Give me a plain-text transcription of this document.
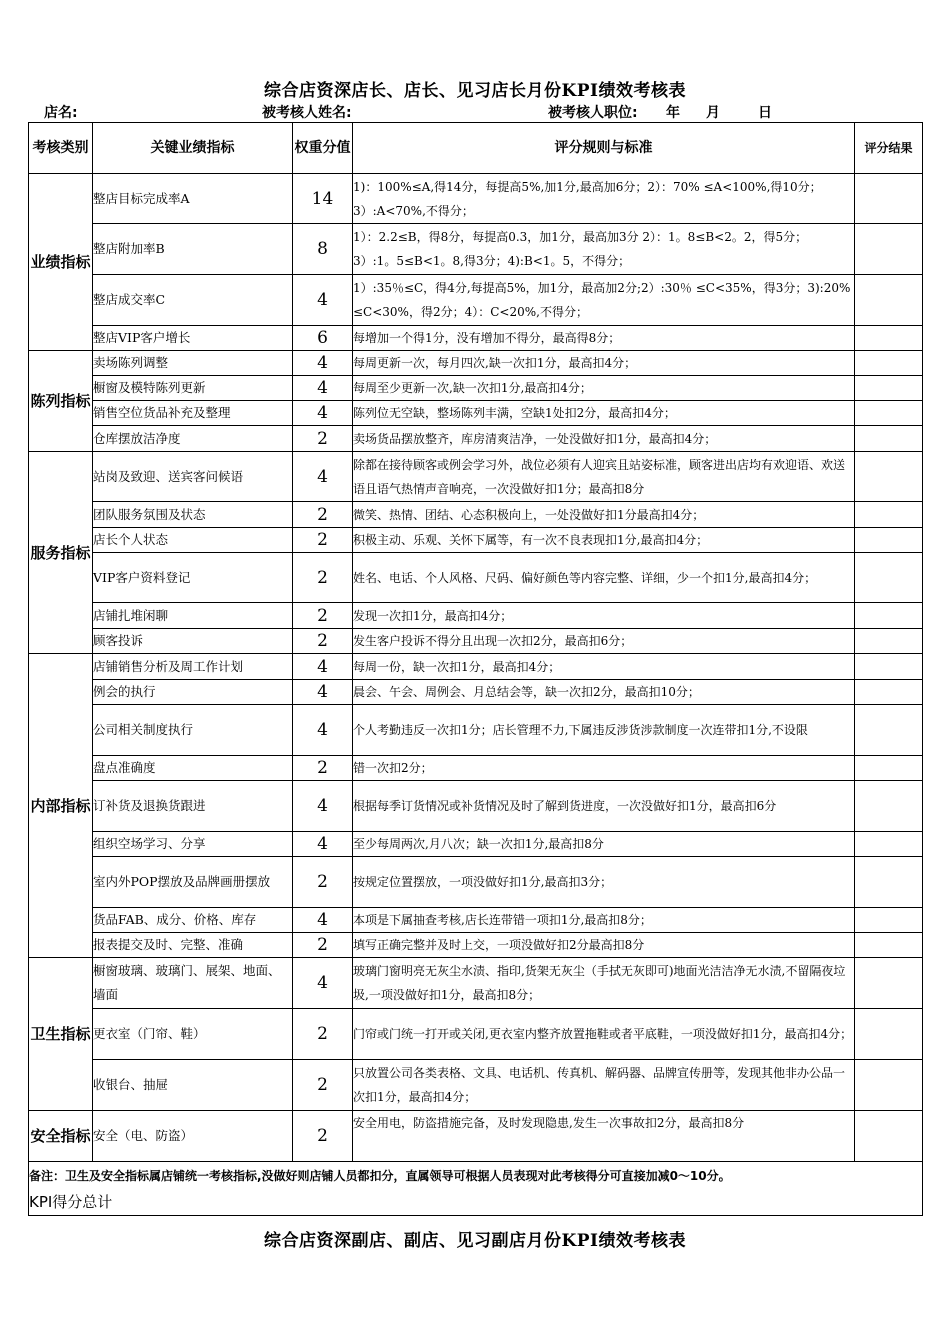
综合店资深店长、店长、见习店长月份KPI绩效考核表
店名:	被考核人姓名:	被考核人职位: 年 月	日
考核类别	关键业绩指标	权重分值	评分规则与标准	评分结果
业绩指标	整店目标完成率A	14	1)：100%≤A,得14分，每提高5%,加1分,最高加6分；2）：70% ≤A<100%,得10分；3）:A<70%,不得分；	
	整店附加率B	8	1）：2.2≤B，得8分，每提高0.3，加1分，最高加3分 2）：1。8≤B<2。2，得5分； 3）:1。5≤B<1。8,得3分；4):B<1。5，不得分；	
	整店成交率C	4	1）:35％≤C，得4分,每提高5%，加1分，最高加2分;2）:30％ ≤C<35%，得3分；3):20% ≤C<30%，得2分；4）：C<20%,不得分；	
	整店VIP客户增长	6	每增加一个得1分，没有增加不得分，最高得8分；	
陈列指标	卖场陈列调整	4	每周更新一次，每月四次,缺一次扣1分，最高扣4分；	
	橱窗及模特陈列更新	4	每周至少更新一次,缺一次扣1分,最高扣4分；	
	销售空位货品补充及整理	4	陈列位无空缺，整场陈列丰满，空缺1处扣2分，最高扣4分；	
	仓库摆放洁净度	2	卖场货品摆放整齐，库房清爽洁净，一处没做好扣1分，最高扣4分；	
服务指标	站岗及致迎、送宾客问候语	4	除都在接待顾客或例会学习外，战位必须有人迎宾且站姿标准，顾客进出店均有欢迎语、欢送语且语气热情声音响亮，一次没做好扣1分；最高扣8分	
	团队服务氛围及状态	2	微笑、热情、团结、心态积极向上，一处没做好扣1分最高扣4分；	
	店长个人状态	2	积极主动、乐观、关怀下属等，有一次不良表现扣1分,最高扣4分；	
	VIP客户资料登记	2	姓名、电话、个人风格、尺码、偏好颜色等内容完整、详细，少一个扣1分,最高扣4分；	
	店铺扎堆闲聊	2	发现一次扣1分，最高扣4分；	
	顾客投诉	2	发生客户投诉不得分且出现一次扣2分，最高扣6分；	
内部指标	店铺销售分析及周工作计划	4	每周一份，缺一次扣1分，最高扣4分；	
	例会的执行	4	晨会、午会、周例会、月总结会等，缺一次扣2分，最高扣10分；	
	公司相关制度执行	4	个人考勤违反一次扣1分；店长管理不力,下属违反涉货涉款制度一次连带扣1分,不设限	
	盘点准确度	2	错一次扣2分；	
	订补货及退换货跟进	4	根据每季订货情况或补货情况及时了解到货进度，一次没做好扣1分，最高扣6分	
	组织空场学习、分享	4	至少每周两次,月八次；缺一次扣1分,最高扣8分	
	室内外POP摆放及品牌画册摆放	2	按规定位置摆放，一项没做好扣1分,最高扣3分；	
	货品FAB、成分、价格、库存	4	本项是下属抽查考核,店长连带错一项扣1分,最高扣8分；	
	报表提交及时、完整、准确	2	填写正确完整并及时上交，一项没做好扣2分最高扣8分	
卫生指标	橱窗玻璃、玻璃门、展架、地面、墙面	4	玻璃门窗明亮无灰尘水渍、指印,货架无灰尘（手拭无灰即可)地面光洁洁净无水渍,不留隔夜垃圾,一项没做好扣1分，最高扣8分；	
	更衣室（门帘、鞋）	2	门帘或门统一打开或关闭,更衣室内整齐放置拖鞋或者平底鞋，一项没做好扣1分，最高扣4分；	
	收银台、抽屉	2	只放置公司各类表格、文具、电话机、传真机、解码器、品牌宣传册等，发现其他非办公品一次扣1分，最高扣4分；	
安全指标	安全（电、防盗）	2	安全用电，防盗措施完备，及时发现隐患,发生一次事故扣2分，最高扣8分	
备注：卫生及安全指标属店铺统一考核指标,没做好则店铺人员都扣分，直属领导可根据人员表现对此考核得分可直接加减0～10分。				
KPI得分总计				
综合店资深副店、副店、见习副店月份KPI绩效考核表
